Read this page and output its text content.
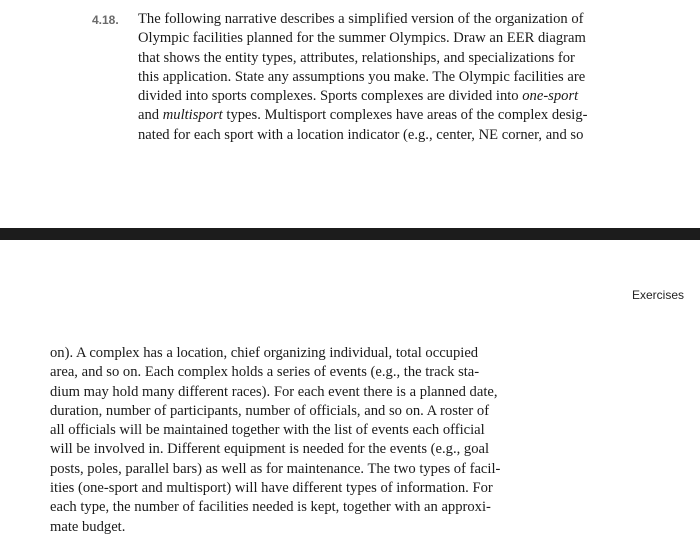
4.18. The following narrative describes a simplified version of the organization of
Olympic facilities planned for the summer Olympics. Draw an EER diagram
that shows the entity types, attributes, relationships, and specializations for
this application. State any assumptions you make. The Olympic facilities are
divided into sports complexes. Sports complexes are divided into one-sport
and multisport types. Multisport complexes have areas of the complex desig-
nated for each sport with a location indicator (e.g., center, NE corner, and so

Exercises

on). A complex has a location, chief organizing individual, total occupied
area, and so on. Each complex holds a series of events (e.g., the track sta-
dium may hold many different races). For each event there is a planned date,
duration, number of participants, number of officials, and so on. A roster of
all officials will be maintained together with the list of events each official
will be involved in. Different equipment is needed for the events (e.g., goal
posts, poles, parallel bars) as well as for maintenance. The two types of facil-
ities (one-sport and multisport) will have different types of information. For
each type, the number of facilities needed is kept, together with an approxi-
mate budget.
